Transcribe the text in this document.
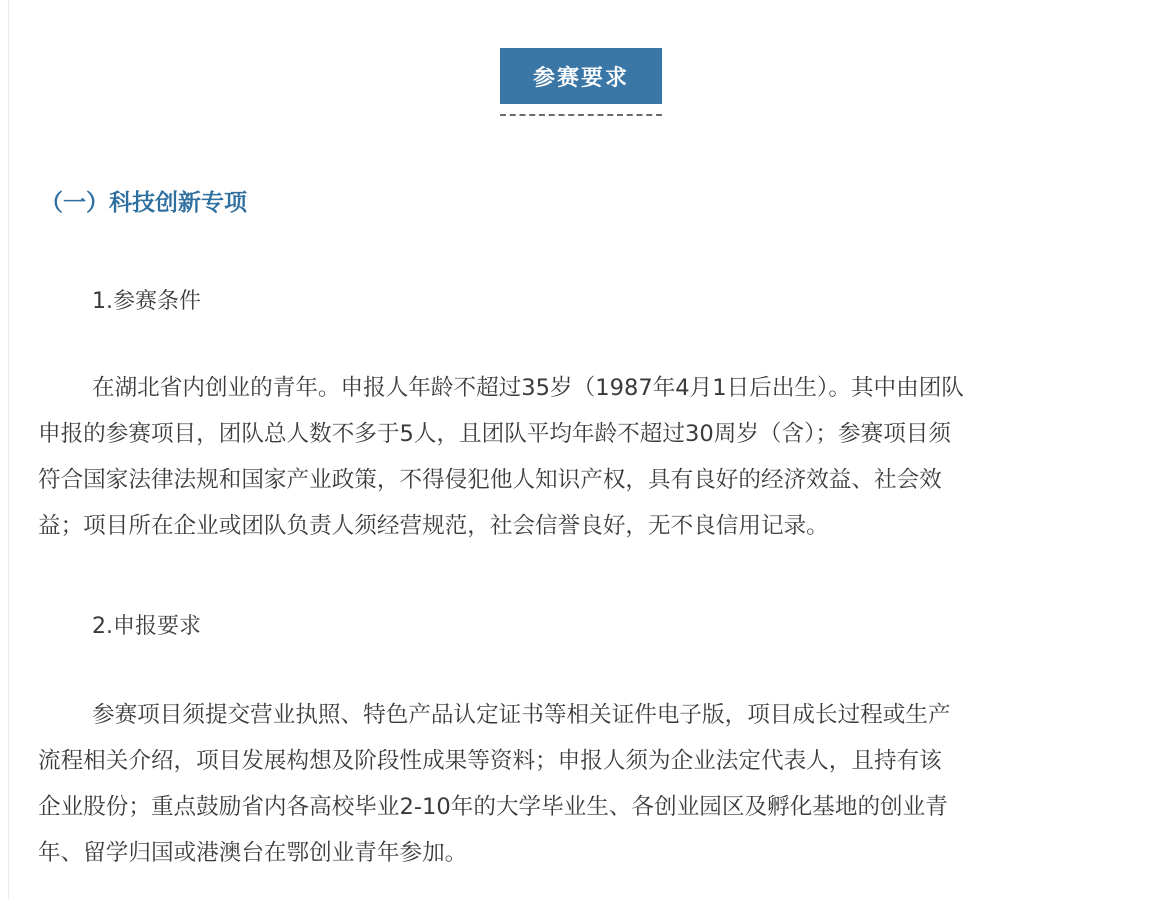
参赛要求
（一）科技创新专项
1.参赛条件
在湖北省内创业的青年。申报人年龄不超过35岁（1987年4月1日后出生）。其中由团队
申报的参赛项目，团队总人数不多于5人，且团队平均年龄不超过30周岁（含）；参赛项目须
符合国家法律法规和国家产业政策，不得侵犯他人知识产权，具有良好的经济效益、社会效
益；项目所在企业或团队负责人须经营规范，社会信誉良好，无不良信用记录。
2.申报要求
参赛项目须提交营业执照、特色产品认定证书等相关证件电子版，项目成长过程或生产
流程相关介绍，项目发展构想及阶段性成果等资料；申报人须为企业法定代表人，且持有该
企业股份；重点鼓励省内各高校毕业2-10年的大学毕业生、各创业园区及孵化基地的创业青
年、留学归国或港澳台在鄂创业青年参加。
